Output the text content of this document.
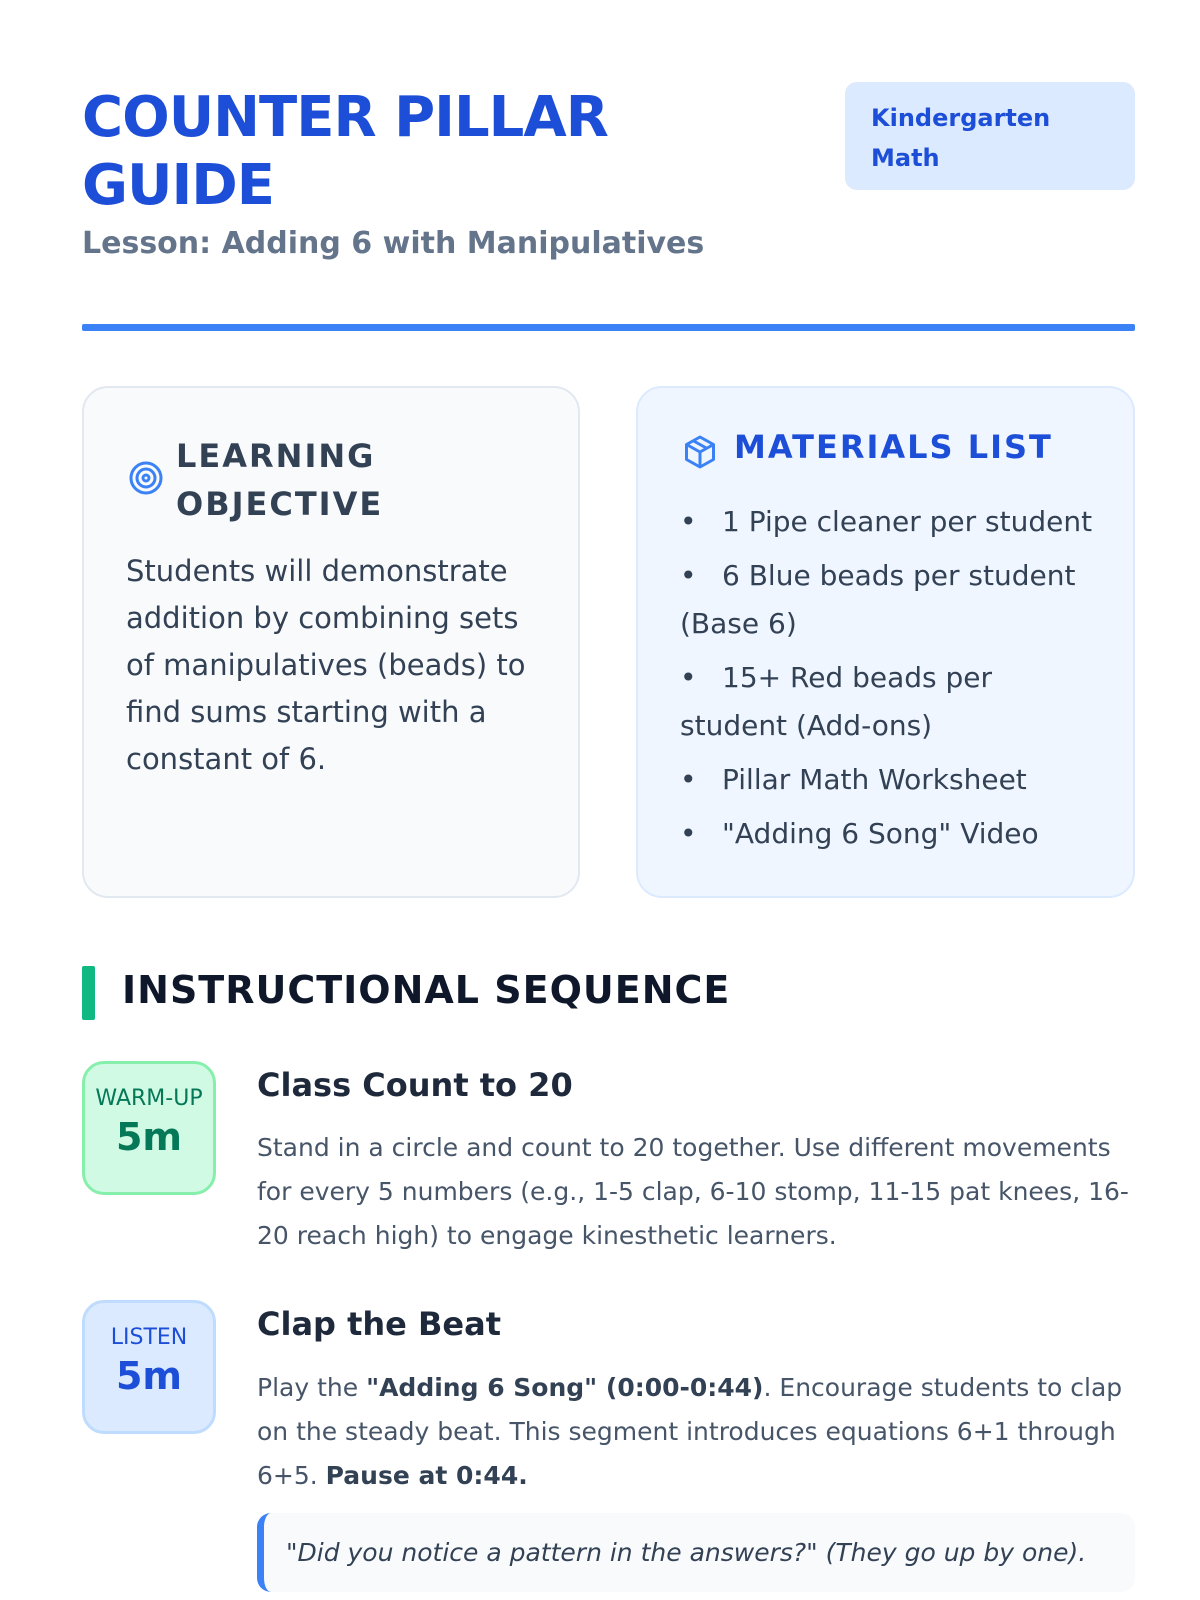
COUNTER PILLAR GUIDE
Lesson: Adding 6 with Manipulatives
Kindergarten Math
LEARNING OBJECTIVE

Students will demonstrate addition by combining sets of manipulatives (beads) to find sums starting with a constant of 6.

MATERIALS LIST
• 1 Pipe cleaner per student
• 6 Blue beads per student (Base 6)
• 15+ Red beads per student (Add-ons)
• Pillar Math Worksheet
• "Adding 6 Song" Video
INSTRUCTIONAL SEQUENCE
WARM-UP
5m
Class Count to 20

Stand in a circle and count to 20 together. Use different movements for every 5 numbers (e.g., 1-5 clap, 6-10 stomp, 11-15 pat knees, 16-20 reach high) to engage kinesthetic learners.

LISTEN
5m
Clap the Beat

Play the "Adding 6 Song" (0:00-0:44). Encourage students to clap on the steady beat. This segment introduces equations 6+1 through 6+5. Pause at 0:44.

"Did you notice a pattern in the answers?" (They go up by one).
